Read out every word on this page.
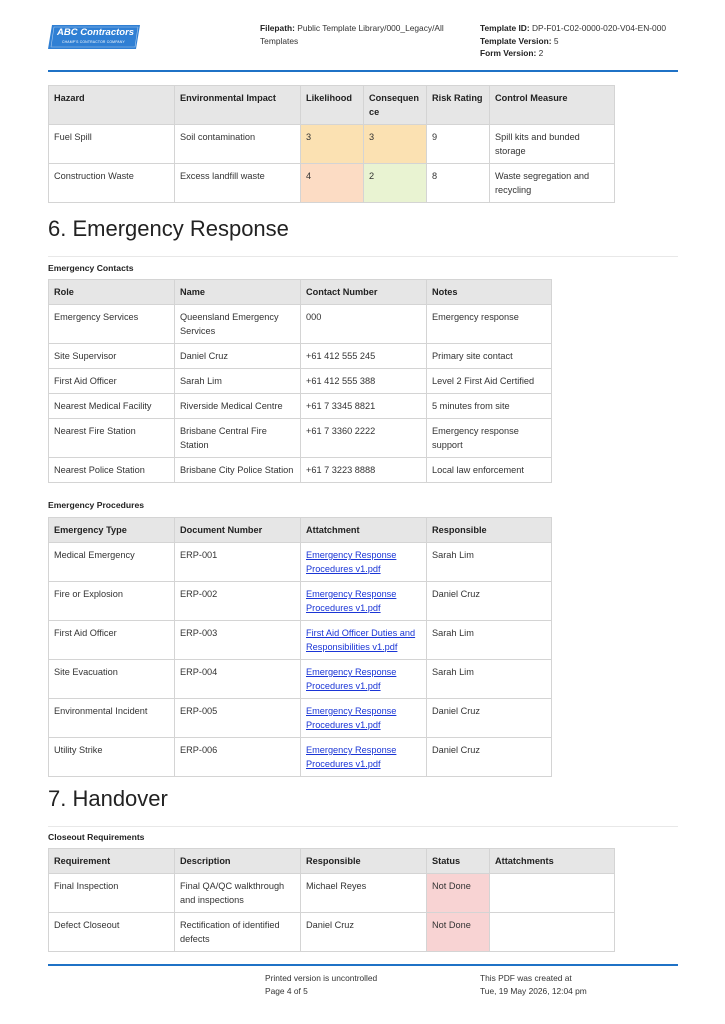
ABC Contractors
CHAMP'S CONTRACTOR COMPANY
Filepath: Public Template Library/000_Legacy/All Templates
Template ID: DP-F01-C02-0000-020-V04-EN-000
Template Version: 5
Form Version: 2
Hazard	Environmental Impact	Likelihood	Consequen ce	Risk Rating	Control Measure
Fuel Spill	Soil contamination	3	3	9	Spill kits and bunded storage
Construction Waste	Excess landfill waste	4	2	8	Waste segregation and recycling
6. Emergency Response
Emergency Contacts
Role	Name	Contact Number	Notes
Emergency Services	Queensland Emergency Services	000	Emergency response
Site Supervisor	Daniel Cruz	+61 412 555 245	Primary site contact
First Aid Officer	Sarah Lim	+61 412 555 388	Level 2 First Aid Certified
Nearest Medical Facility	Riverside Medical Centre	+61 7 3345 8821	5 minutes from site
Nearest Fire Station	Brisbane Central Fire Station	+61 7 3360 2222	Emergency response support
Nearest Police Station	Brisbane City Police Station	+61 7 3223 8888	Local law enforcement
Emergency Procedures
Emergency Type	Document Number	Attatchment	Responsible
Medical Emergency	ERP-001	Emergency Response Procedures v1.pdf	Sarah Lim
Fire or Explosion	ERP-002	Emergency Response Procedures v1.pdf	Daniel Cruz
First Aid Officer	ERP-003	First Aid Officer Duties and Responsibilities v1.pdf	Sarah Lim
Site Evacuation	ERP-004	Emergency Response Procedures v1.pdf	Sarah Lim
Environmental Incident	ERP-005	Emergency Response Procedures v1.pdf	Daniel Cruz
Utility Strike	ERP-006	Emergency Response Procedures v1.pdf	Daniel Cruz
7. Handover
Closeout Requirements
Requirement	Description	Responsible	Status	Attatchments
Final Inspection	Final QA/QC walkthrough and inspections	Michael Reyes	Not Done	
Defect Closeout	Rectification of identified defects	Daniel Cruz	Not Done	
Printed version is uncontrolled
Page 4 of 5
This PDF was created at
Tue, 19 May 2026, 12:04 pm
